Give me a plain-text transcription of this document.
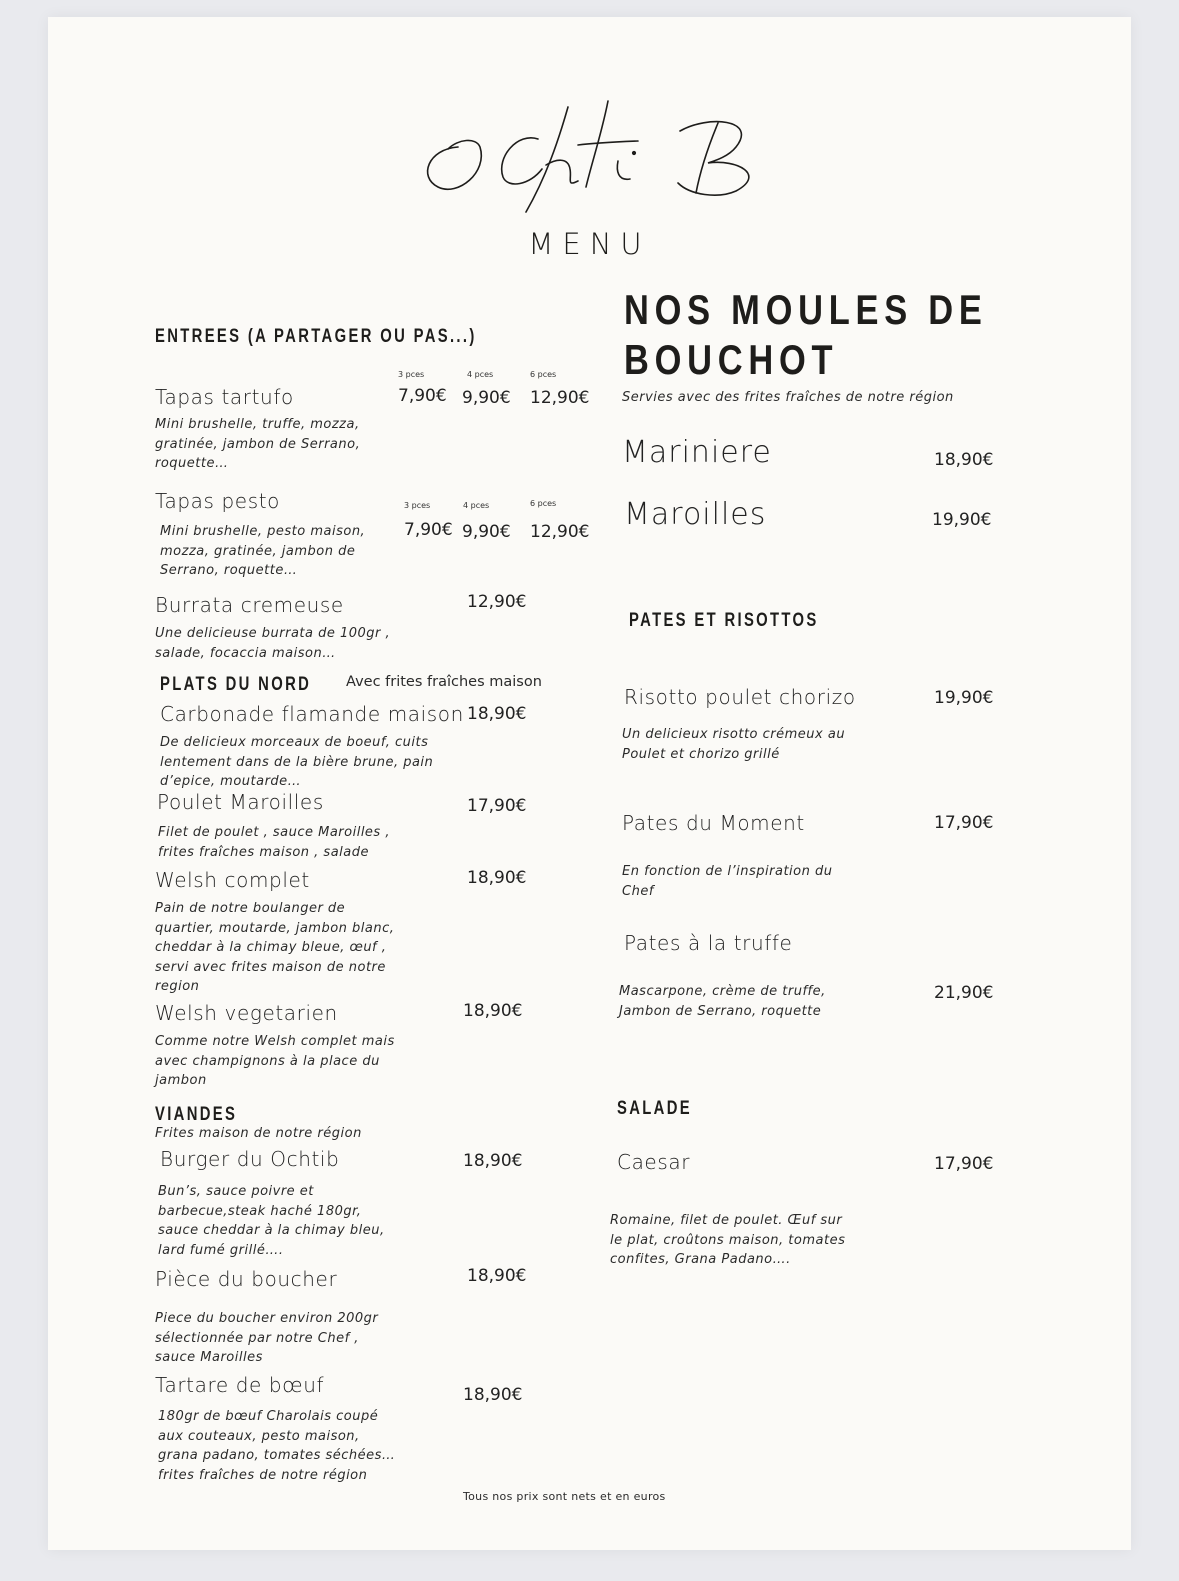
MENU
ENTREES (A PARTAGER OU PAS...)
3 pces	4 pces	6 pces
Tapas tartufo	7,90€ 9,90€ 12,90€
Mini brushelle, truffe, mozza, gratinée, jambon de Serrano, roquette…
Tapas pesto	3 pces	4 pces	6 pces
7,90€ 9,90€ 12,90€
Mini brushelle, pesto maison, mozza, gratinée, jambon de Serrano, roquette…
Burrata cremeuse	12,90€
Une delicieuse burrata de 100gr , salade, focaccia maison…
PLATS DU NORD Avec frites fraîches maison
Carbonade flamande maison 18,90€
De delicieux morceaux de boeuf, cuits lentement dans de la bière brune, pain d’epice, moutarde…
Poulet Maroilles	17,90€
Filet de poulet , sauce Maroilles , frites fraîches maison , salade
Welsh complet	18,90€
Pain de notre boulanger de quartier, moutarde, jambon blanc, cheddar à la chimay bleue, œuf , servi avec frites maison de notre region
Welsh vegetarien	18,90€
Comme notre Welsh complet mais avec champignons à la place du jambon
VIANDES
Frites maison de notre région
Burger du Ochtib	18,90€
Bun’s, sauce poivre et barbecue,steak haché 180gr, sauce cheddar à la chimay bleu, lard fumé grillé….
Pièce du boucher	18,90€
Piece du boucher environ 200gr sélectionnée par notre Chef , sauce Maroilles
Tartare de bœuf	18,90€
180gr de bœuf Charolais coupé aux couteaux, pesto maison, grana padano, tomates séchées… frites fraîches de notre région
NOS MOULES DE
BOUCHOT
Servies avec des frites fraîches de notre région
Mariniere	18,90€
Maroilles	19,90€
PATES ET RISOTTOS
Risotto poulet chorizo	19,90€
Un delicieux risotto crémeux au Poulet et chorizo grillé
Pates du Moment	17,90€
En fonction de l’inspiration du Chef
Pates à la truffe
21,90€
Mascarpone, crème de truffe, Jambon de Serrano, roquette
SALADE
Caesar	17,90€
Romaine, filet de poulet. Œuf sur le plat, croûtons maison, tomates confites, Grana Padano….
Tous nos prix sont nets et en euros
